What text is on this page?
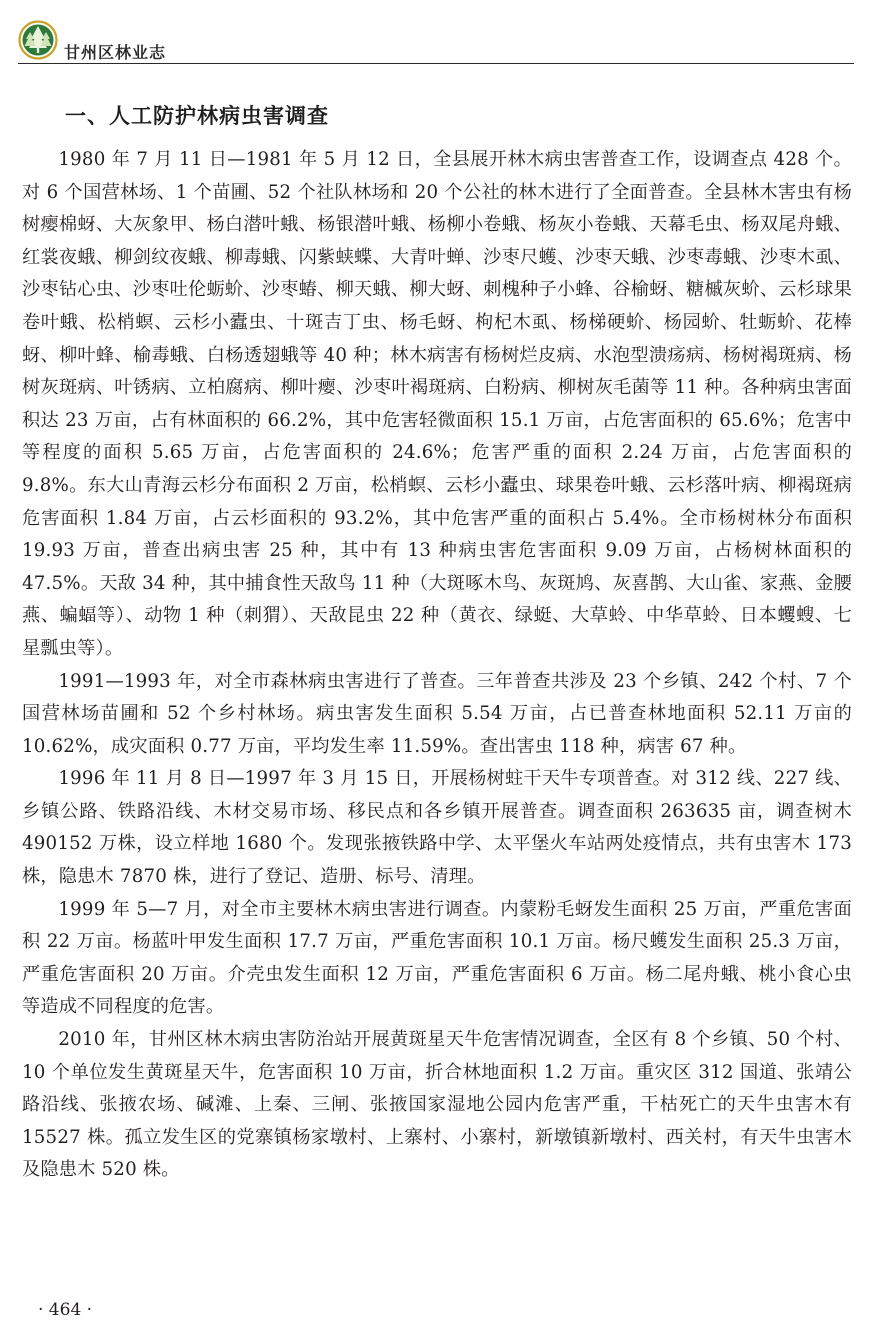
甘州区林业志
一、人工防护林病虫害调查

1980 年 7 月 11 日—1981 年 5 月 12 日，全县展开林木病虫害普查工作，设调查点 428 个。对 6 个国营林场、1 个苗圃、52 个社队林场和 20 个公社的林木进行了全面普查。全县林木害虫有杨树瘿棉蚜、大灰象甲、杨白潜叶蛾、杨银潜叶蛾、杨柳小卷蛾、杨灰小卷蛾、天幕毛虫、杨双尾舟蛾、红裳夜蛾、柳剑纹夜蛾、柳毒蛾、闪紫蛱蝶、大青叶蝉、沙枣尺蠖、沙枣天蛾、沙枣毒蛾、沙枣木虱、沙枣钻心虫、沙枣吐伦蛎蚧、沙枣蝽、柳天蛾、柳大蚜、刺槐种子小蜂、谷榆蚜、糖槭灰蚧、云杉球果卷叶蛾、松梢螟、云杉小蠹虫、十斑吉丁虫、杨毛蚜、枸杞木虱、杨梯硬蚧、杨园蚧、牡蛎蚧、花棒蚜、柳叶蜂、榆毒蛾、白杨透翅蛾等 40 种；林木病害有杨树烂皮病、水泡型溃疡病、杨树褐斑病、杨树灰斑病、叶锈病、立柏腐病、柳叶瘿、沙枣叶褐斑病、白粉病、柳树灰毛菌等 11 种。各种病虫害面积达 23 万亩，占有林面积的 66.2%，其中危害轻微面积 15.1 万亩，占危害面积的 65.6%；危害中等程度的面积 5.65 万亩，占危害面积的 24.6%；危害严重的面积 2.24 万亩，占危害面积的 9.8%。东大山青海云杉分布面积 2 万亩，松梢螟、云杉小蠹虫、球果卷叶蛾、云杉落叶病、柳褐斑病危害面积 1.84 万亩，占云杉面积的 93.2%，其中危害严重的面积占 5.4%。全市杨树林分布面积 19.93 万亩，普查出病虫害 25 种，其中有 13 种病虫害危害面积 9.09 万亩，占杨树林面积的 47.5%。天敌 34 种，其中捕食性天敌鸟 11 种（大斑啄木鸟、灰斑鸠、灰喜鹊、大山雀、家燕、金腰燕、蝙蝠等）、动物 1 种（刺猬）、天敌昆虫 22 种（黄衣、绿蜓、大草蛉、中华草蛉、日本蠼螋、七星瓢虫等）。

1991—1993 年，对全市森林病虫害进行了普查。三年普查共涉及 23 个乡镇、242 个村、7 个国营林场苗圃和 52 个乡村林场。病虫害发生面积 5.54 万亩，占已普查林地面积 52.11 万亩的 10.62%，成灾面积 0.77 万亩，平均发生率 11.59%。查出害虫 118 种，病害 67 种。

1996 年 11 月 8 日—1997 年 3 月 15 日，开展杨树蛀干天牛专项普查。对 312 线、227 线、乡镇公路、铁路沿线、木材交易市场、移民点和各乡镇开展普查。调查面积 263635 亩，调查树木 490152 万株，设立样地 1680 个。发现张掖铁路中学、太平堡火车站两处疫情点，共有虫害木 173 株，隐患木 7870 株，进行了登记、造册、标号、清理。

1999 年 5—7 月，对全市主要林木病虫害进行调查。内蒙粉毛蚜发生面积 25 万亩，严重危害面积 22 万亩。杨蓝叶甲发生面积 17.7 万亩，严重危害面积 10.1 万亩。杨尺蠖发生面积 25.3 万亩，严重危害面积 20 万亩。介壳虫发生面积 12 万亩，严重危害面积 6 万亩。杨二尾舟蛾、桃小食心虫等造成不同程度的危害。

2010 年，甘州区林木病虫害防治站开展黄斑星天牛危害情况调查，全区有 8 个乡镇、50 个村、10 个单位发生黄斑星天牛，危害面积 10 万亩，折合林地面积 1.2 万亩。重灾区 312 国道、张靖公路沿线、张掖农场、碱滩、上秦、三闸、张掖国家湿地公园内危害严重，干枯死亡的天牛虫害木有 15527 株。孤立发生区的党寨镇杨家墩村、上寨村、小寨村，新墩镇新墩村、西关村，有天牛虫害木及隐患木 520 株。

· 464 ·
